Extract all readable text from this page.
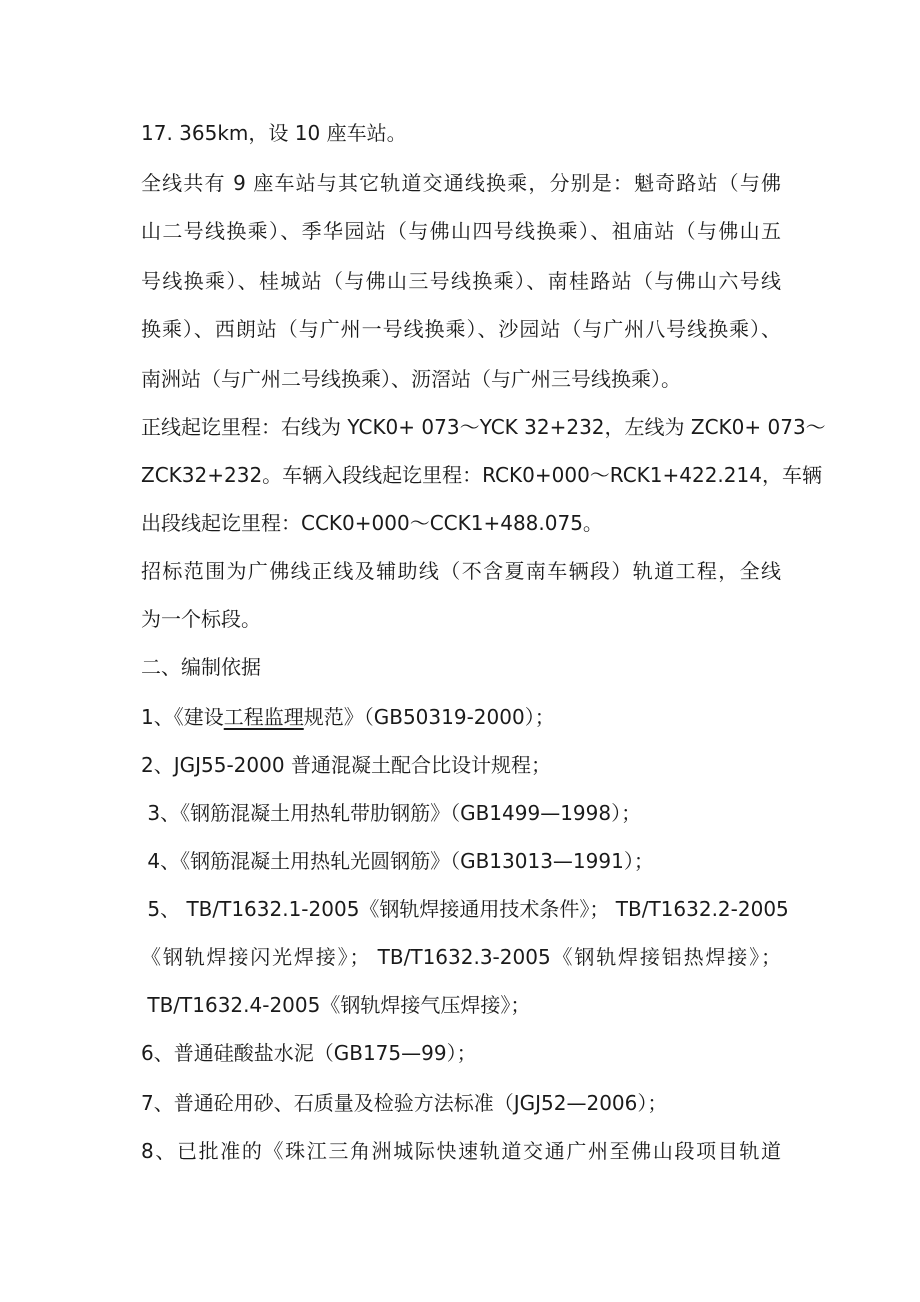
17. 365km，设 10 座车站。
全线共有 9 座车站与其它轨道交通线换乘，分别是：魁奇路站（与佛
山二号线换乘）、季华园站（与佛山四号线换乘）、祖庙站（与佛山五
号线换乘）、桂城站（与佛山三号线换乘）、南桂路站（与佛山六号线
换乘）、西朗站（与广州一号线换乘）、沙园站（与广州八号线换乘）、
南洲站（与广州二号线换乘）、沥滘站（与广州三号线换乘）。
正线起讫里程：右线为 YCK0+ 073～YCK 32+232，左线为 ZCK0+ 073～
ZCK32+232。车辆入段线起讫里程：RCK0+000～RCK1+422.214，车辆
出段线起讫里程：CCK0+000～CCK1+488.075。
招标范围为广佛线正线及辅助线（不含夏南车辆段）轨道工程，全线
为一个标段。
二、编制依据
1、《建设工程监理规范》（GB50319-2000）；
2、JGJ55-2000 普通混凝土配合比设计规程；
3、《钢筋混凝土用热轧带肋钢筋》（GB1499—1998）；
4、《钢筋混凝土用热轧光圆钢筋》（GB13013—1991）；
5、 TB/T1632.1-2005《钢轨焊接通用技术条件》； TB/T1632.2-2005
《钢轨焊接闪光焊接》； TB/T1632.3-2005《钢轨焊接铝热焊接》；
TB/T1632.4-2005《钢轨焊接气压焊接》；
6、普通硅酸盐水泥（GB175—99）；
7、普通砼用砂、石质量及检验方法标准（JGJ52—2006）；
8、已批准的《珠江三角洲城际快速轨道交通广州至佛山段项目轨道
